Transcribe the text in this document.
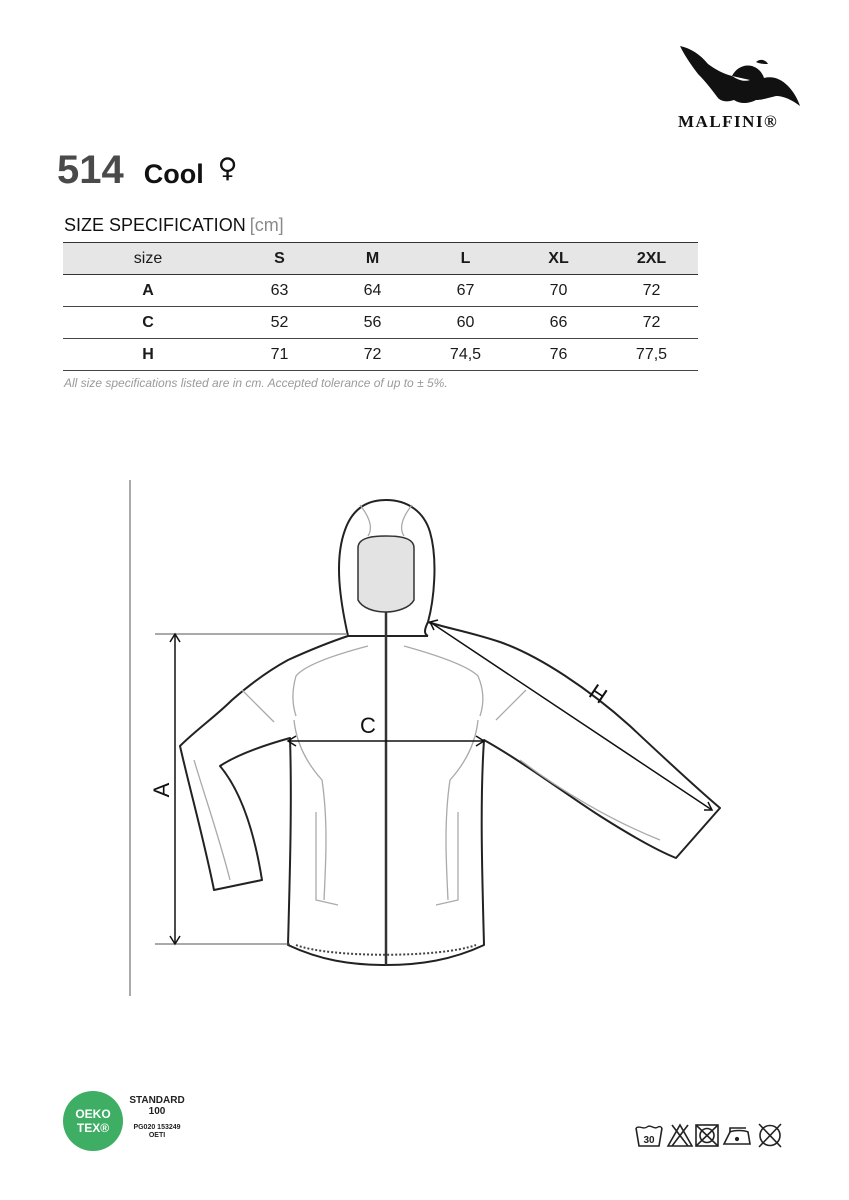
MALFINI®
514 Cool ♀
SIZE SPECIFICATION [cm]
size	S	M	L	XL	2XL
A	63	64	67	70	72
C	52	56	60	66	72
H	71	72	74,5	76	77,5
All size specifications listed are in cm. Accepted tolerance of up to ± 5%.
A
C
H
OEKO
TEX®
STANDARD
100
PG020 153249
OETI	30
